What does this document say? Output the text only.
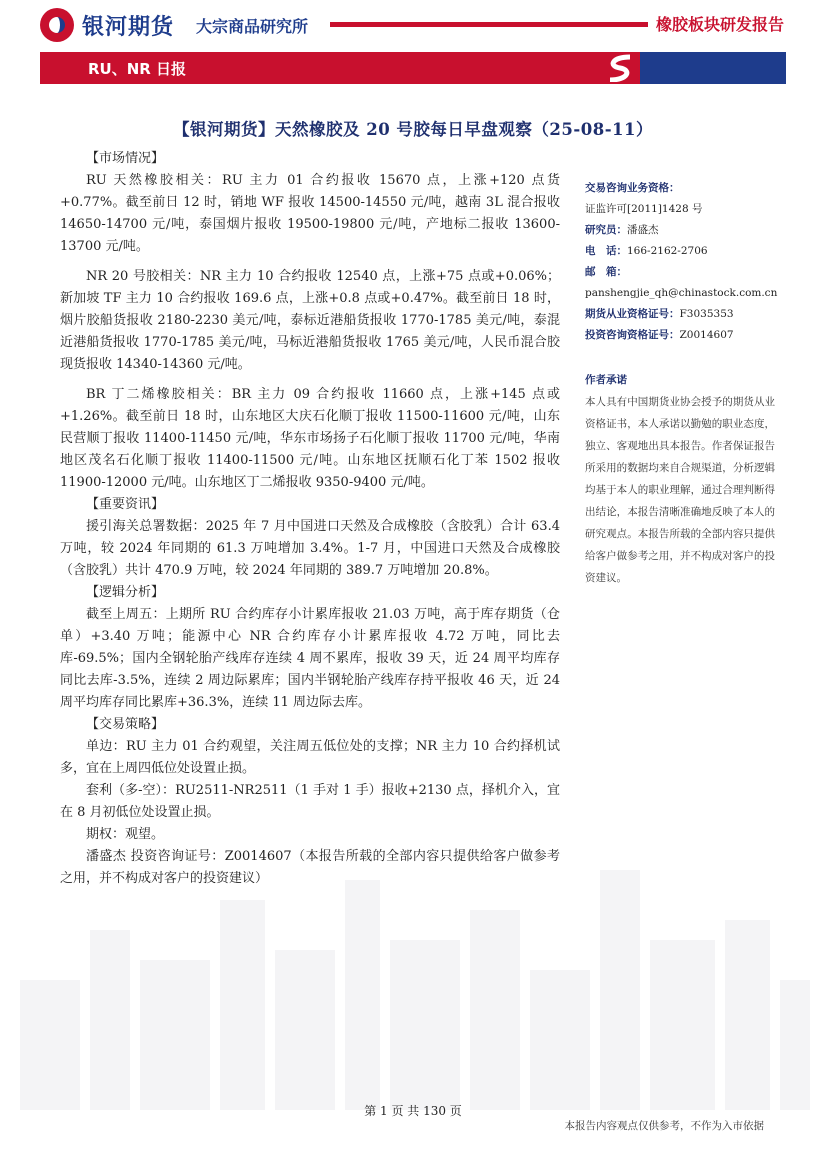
银河期货 大宗商品研究所	橡胶板块研发报告
RU、NR 日报
【银河期货】天然橡胶及 20 号胶每日早盘观察（25-08-11）

【市场情况】

RU 天然橡胶相关：RU 主力 01 合约报收 15670 点，上涨+120 点货+0.77%。截至前日 12 时，销地 WF 报收 14500-14550 元/吨，越南 3L 混合报收 14650-14700 元/吨，泰国烟片报收 19500-19800 元/吨，产地标二报收 13600-13700 元/吨。

NR 20 号胶相关：NR 主力 10 合约报收 12540 点，上涨+75 点或+0.06%；新加坡 TF 主力 10 合约报收 169.6 点，上涨+0.8 点或+0.47%。截至前日 18 时，烟片胶船货报收 2180-2230 美元/吨，泰标近港船货报收 1770-1785 美元/吨，泰混近港船货报收 1770-1785 美元/吨，马标近港船货报收 1765 美元/吨，人民币混合胶现货报收 14340-14360 元/吨。

BR 丁二烯橡胶相关：BR 主力 09 合约报收 11660 点，上涨+145 点或+1.26%。截至前日 18 时，山东地区大庆石化顺丁报收 11500-11600 元/吨，山东民营顺丁报收 11400-11450 元/吨，华东市场扬子石化顺丁报收 11700 元/吨，华南地区茂名石化顺丁报收 11400-11500 元/吨。山东地区抚顺石化丁苯 1502 报收 11900-12000 元/吨。山东地区丁二烯报收 9350-9400 元/吨。

【重要资讯】

援引海关总署数据：2025 年 7 月中国进口天然及合成橡胶（含胶乳）合计 63.4 万吨，较 2024 年同期的 61.3 万吨增加 3.4%。1-7 月，中国进口天然及合成橡胶（含胶乳）共计 470.9 万吨，较 2024 年同期的 389.7 万吨增加 20.8%。

【逻辑分析】

截至上周五：上期所 RU 合约库存小计累库报收 21.03 万吨，高于库存期货（仓单）+3.40 万吨；能源中心 NR 合约库存小计累库报收 4.72 万吨，同比去库-69.5%；国内全钢轮胎产线库存连续 4 周不累库，报收 39 天，近 24 周平均库存同比去库-3.5%，连续 2 周边际累库；国内半钢轮胎产线库存持平报收 46 天，近 24 周平均库存同比累库+36.3%，连续 11 周边际去库。

【交易策略】

单边：RU 主力 01 合约观望，关注周五低位处的支撑；NR 主力 10 合约择机试多，宜在上周四低位处设置止损。

套利（多-空）：RU2511-NR2511（1 手对 1 手）报收+2130 点，择机介入，宜在 8 月初低位处设置止损。

期权：观望。

潘盛杰 投资咨询证号：Z0014607（本报告所载的全部内容只提供给客户做参考之用，并不构成对客户的投资建议）

交易咨询业务资格：
证监许可[2011]1428 号
研究员：潘盛杰
电　话：166-2162-2706
邮　箱：
panshengjie_qh@chinastock.com.cn
期货从业资格证号：F3035353
投资咨询资格证号：Z0014607
作者承诺
本人具有中国期货业协会授予的期货从业资格证书，本人承诺以勤勉的职业态度，独立、客观地出具本报告。作者保证报告所采用的数据均来自合规渠道，分析逻辑均基于本人的职业理解，通过合理判断得出结论，本报告清晰准确地反映了本人的研究观点。本报告所载的全部内容只提供给客户做参考之用，并不构成对客户的投资建议。
第 1 页 共 130 页
本报告内容观点仅供参考，不作为入市依据
